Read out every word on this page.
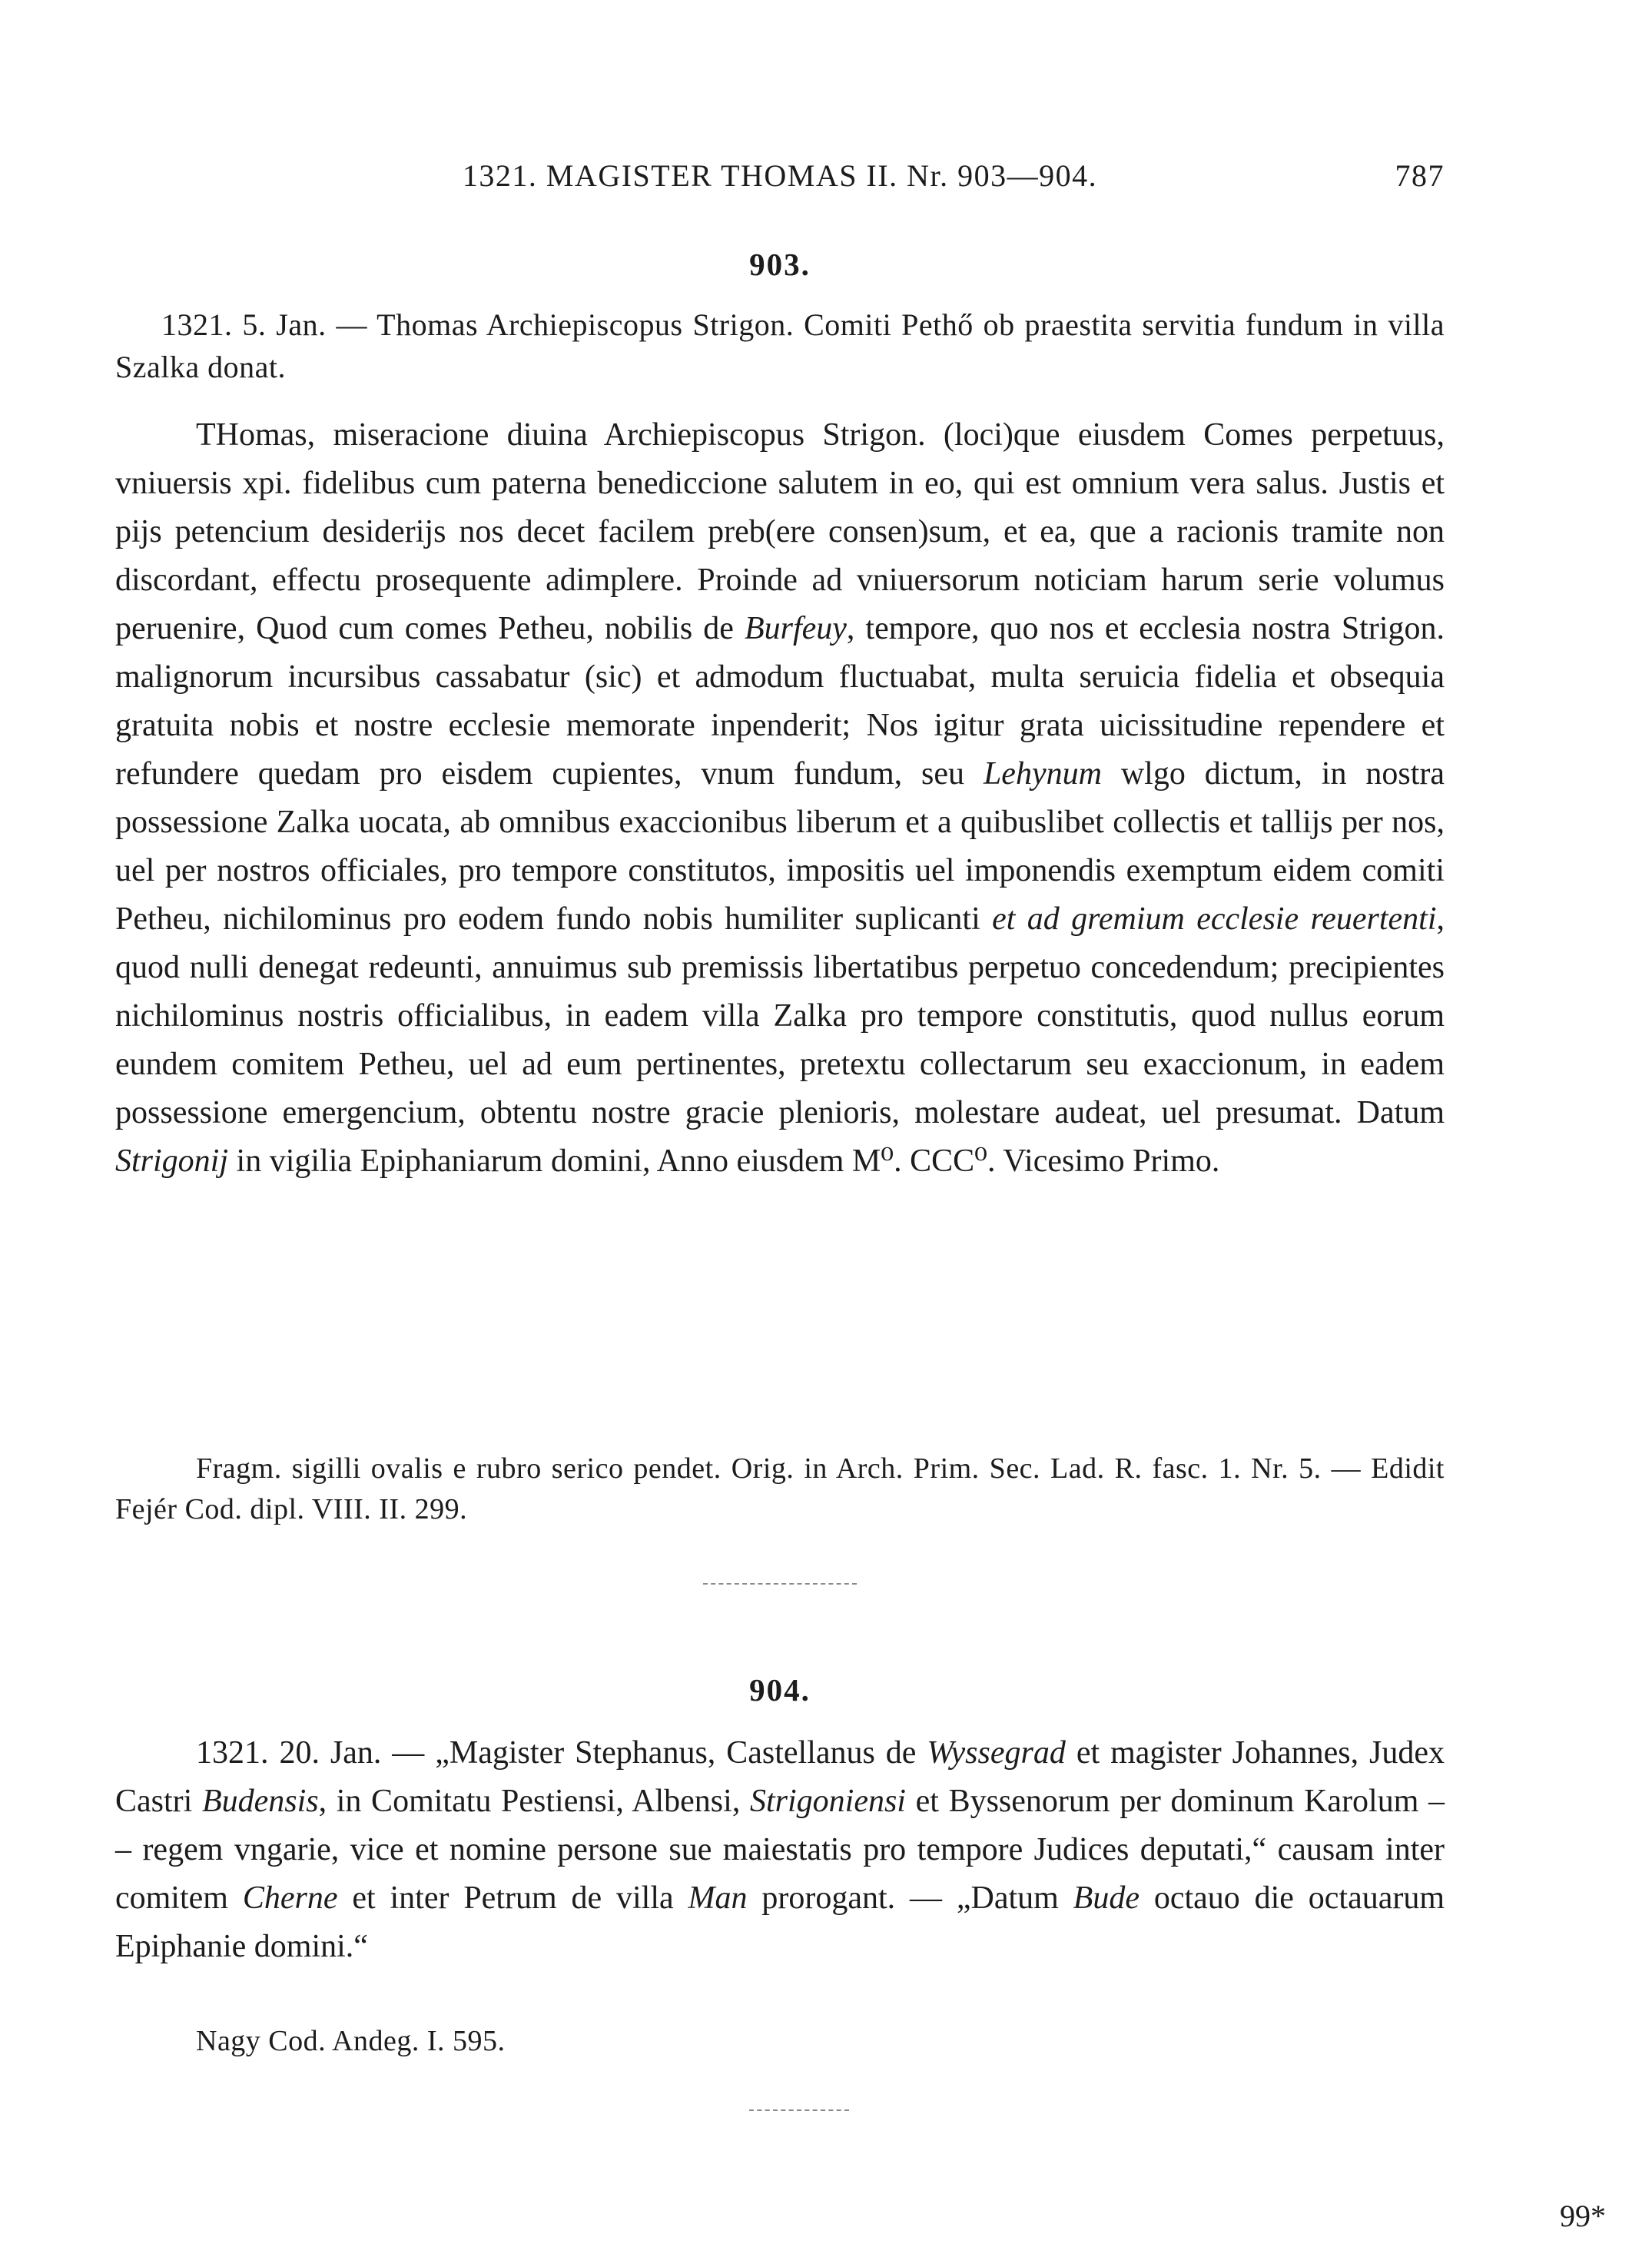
1321. MAGISTER THOMAS II. Nr. 903—904.	787
903.
1321. 5. Jan. — Thomas Archiepiscopus Strigon. Comiti Pethő ob praestita servitia fundum in villa Szalka donat.
THomas, miseracione diuina Archiepiscopus Strigon. (loci)que eiusdem Comes perpetuus, vniuersis xpi. fidelibus cum paterna benediccione salutem in eo, qui est omnium vera salus. Justis et pijs petencium desiderijs nos decet facilem preb(ere consen)sum, et ea, que a racionis tramite non discordant, effectu prosequente adimplere. Proinde ad vniuersorum noticiam harum serie volumus peruenire, Quod cum comes Petheu, nobilis de Burfeuy, tempore, quo nos et ecclesia nostra Strigon. malignorum incursibus cassabatur (sic) et admodum fluctuabat, multa seruicia fidelia et obsequia gratuita nobis et nostre ecclesie memorate inpenderit; Nos igitur grata uicissitudine rependere et refundere quedam pro eisdem cupientes, vnum fundum, seu Lehynum wlgo dictum, in nostra possessione Zalka uocata, ab omnibus exaccionibus liberum et a quibuslibet collectis et tallijs per nos, uel per nostros officiales, pro tempore constitutos, impositis uel imponendis exemptum eidem comiti Petheu, nichilominus pro eodem fundo nobis humiliter suplicanti et ad gremium ecclesie reuertenti, quod nulli denegat redeunti, annuimus sub premissis libertatibus perpetuo concedendum; precipientes nichilominus nostris officialibus, in eadem villa Zalka pro tempore constitutis, quod nullus eorum eundem comitem Petheu, uel ad eum pertinentes, pretextu collectarum seu exaccionum, in eadem possessione emergencium, obtentu nostre gracie plenioris, molestare audeat, uel presumat. Datum Strigonij in vigilia Epiphaniarum domini, Anno eiusdem M⁰. CCC⁰. Vicesimo Primo.
Fragm. sigilli ovalis e rubro serico pendet. Orig. in Arch. Prim. Sec. Lad. R. fasc. 1. Nr. 5. — Edidit Fejér Cod. dipl. VIII. II. 299.
904.
1321. 20. Jan. — „Magister Stephanus, Castellanus de Wyssegrad et magister Johannes, Judex Castri Budensis, in Comitatu Pestiensi, Albensi, Strigoniensi et Byssenorum per dominum Karolum – – regem vngarie, vice et nomine persone sue maiestatis pro tempore Judices deputati,“ causam inter comitem Cherne et inter Petrum de villa Man prorogant. — „Datum Bude octauo die octauarum Epiphanie domini.“
Nagy Cod. Andeg. I. 595.
99*
